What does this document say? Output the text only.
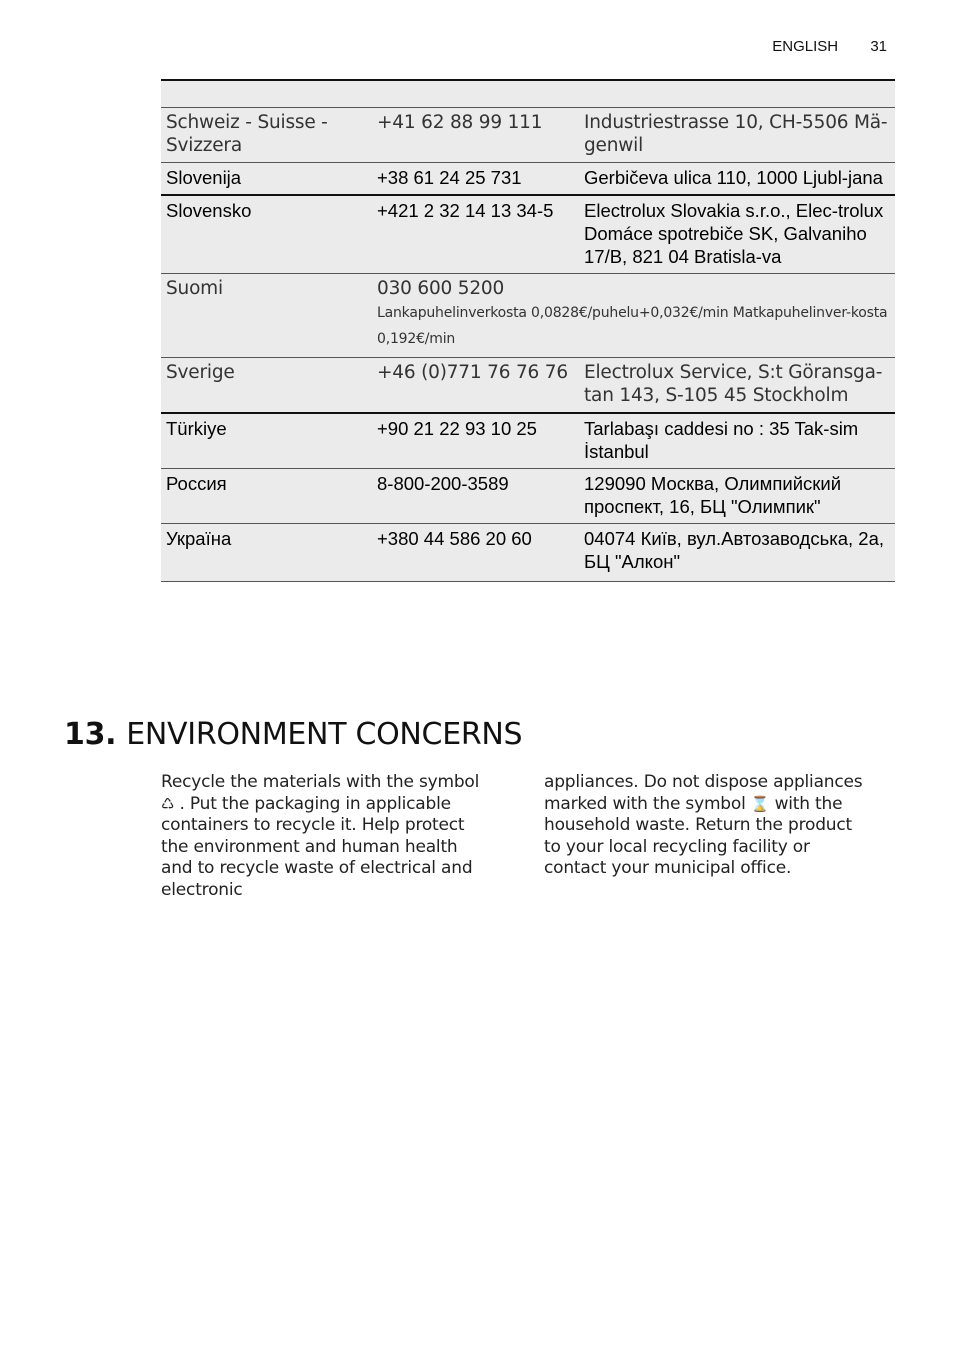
ENGLISH 31

Schweiz - Suisse - Svizzera	+41 62 88 99 111	Industriestrasse 10, CH-5506 Mä-genwil
Slovenija	+38 61 24 25 731	Gerbičeva ulica 110, 1000 Ljubl-jana
Slovensko	+421 2 32 14 13 34-5	Electrolux Slovakia s.r.o., Elec-trolux Domáce spotrebiče SK, Galvaniho 17/B, 821 04 Bratisla-va
Suomi	030 600 5200
Lankapuhelinverkosta 0,0828€/puhelu+0,032€/min Matkapuhelinver-kosta 0,192€/min	

Sverige	+46 (0)771 76 76 76	Electrolux Service, S:t Göransga-tan 143, S-105 45 Stockholm
Türkiye	+90 21 22 93 10 25	Tarlabaşı caddesi no : 35 Tak-sim İstanbul
Россия	8-800-200-3589	129090 Москва, Олимпийский проспект, 16, БЦ "Олимпик"
Україна	+380 44 586 20 60	04074 Київ, вул.Автозаводська, 2а, БЦ "Алкон"
13. ENVIRONMENT CONCERNS
Recycle the materials with the symbol ♺ . Put the packaging in applicable containers to recycle it. Help protect the environment and human health and to recycle waste of electrical and electronic
appliances. Do not dispose appliances marked with the symbol ⌛ with the household waste. Return the product to your local recycling facility or contact your municipal office.
